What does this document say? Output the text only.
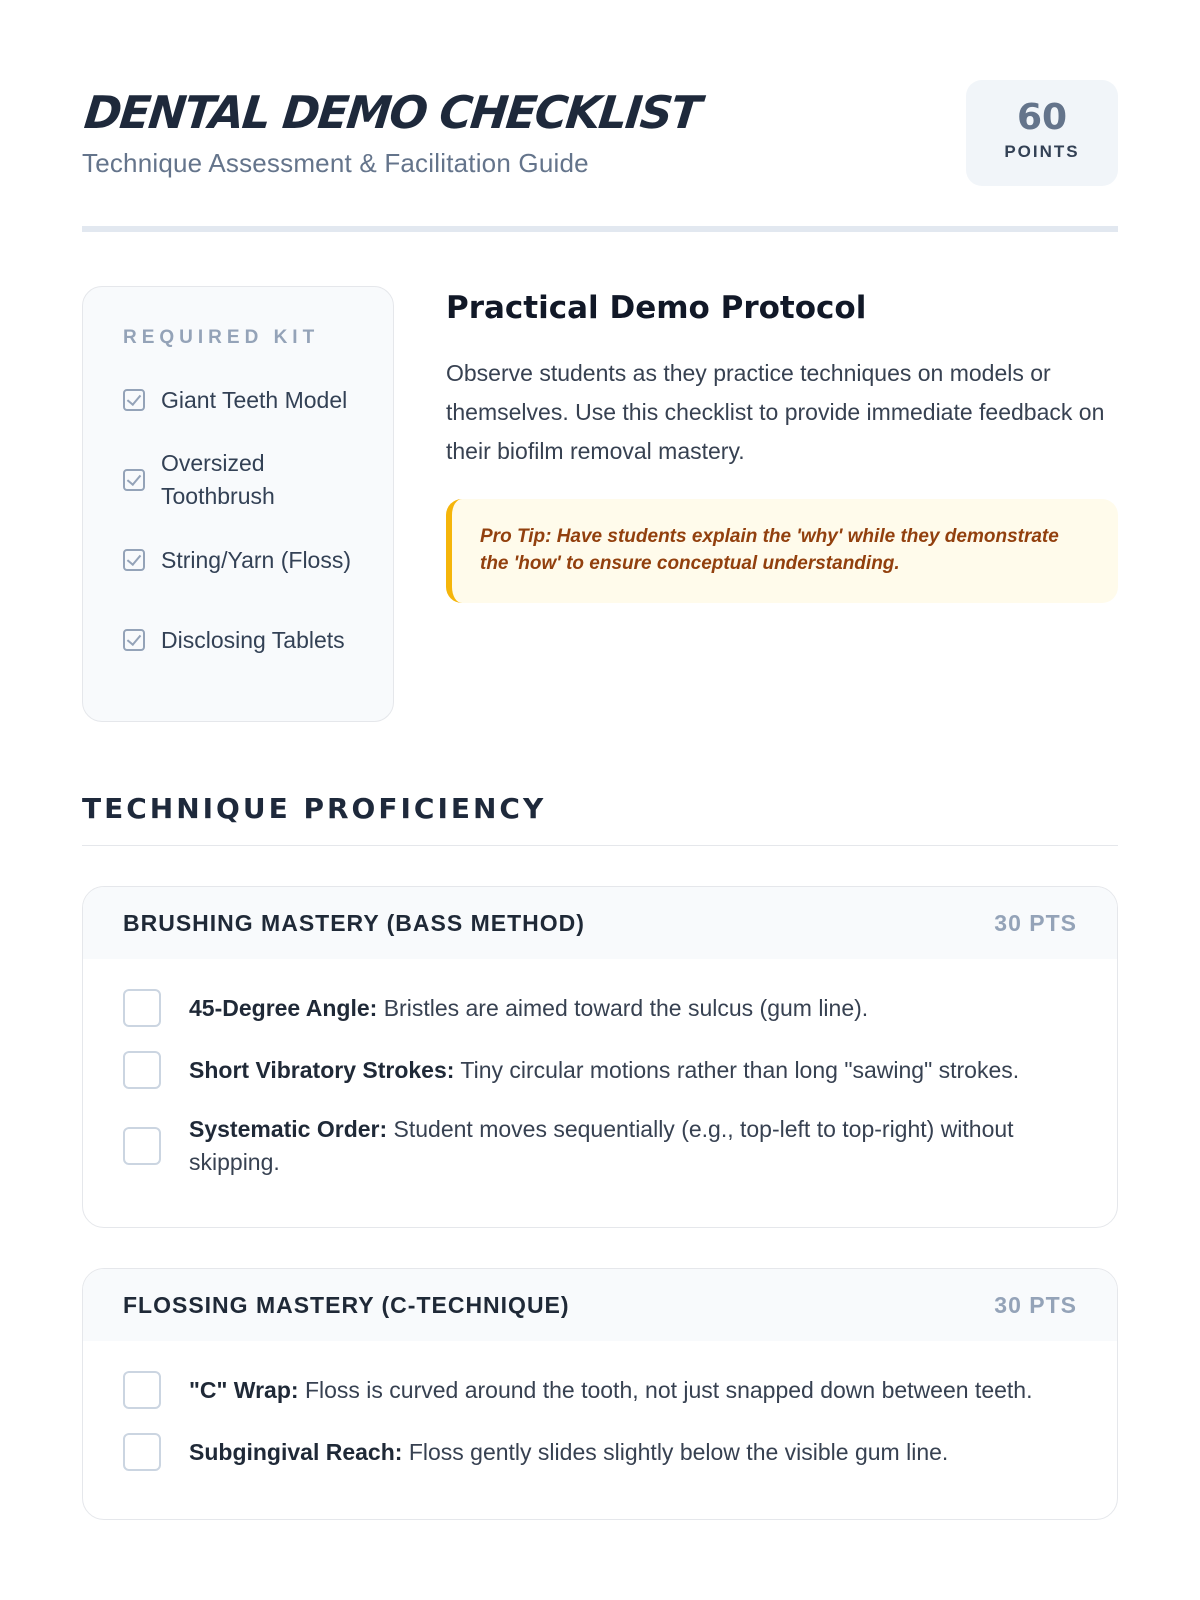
DENTAL DEMO CHECKLIST
Technique Assessment & Facilitation Guide
60
POINTS
REQUIRED KIT
Giant Teeth Model
Oversized Toothbrush
String/Yarn (Floss)
Disclosing Tablets
Practical Demo Protocol

Observe students as they practice techniques on models or themselves. Use this checklist to provide immediate feedback on their biofilm removal mastery.

Pro Tip: Have students explain the 'why' while they demonstrate the 'how' to ensure conceptual understanding.
TECHNIQUE PROFICIENCY
BRUSHING MASTERY (BASS METHOD)	30 PTS
45-Degree Angle: Bristles are aimed toward the sulcus (gum line).
Short Vibratory Strokes: Tiny circular motions rather than long "sawing" strokes.
Systematic Order: Student moves sequentially (e.g., top-left to top-right) without skipping.
FLOSSING MASTERY (C-TECHNIQUE)	30 PTS
"C" Wrap: Floss is curved around the tooth, not just snapped down between teeth.
Subgingival Reach: Floss gently slides slightly below the visible gum line.
